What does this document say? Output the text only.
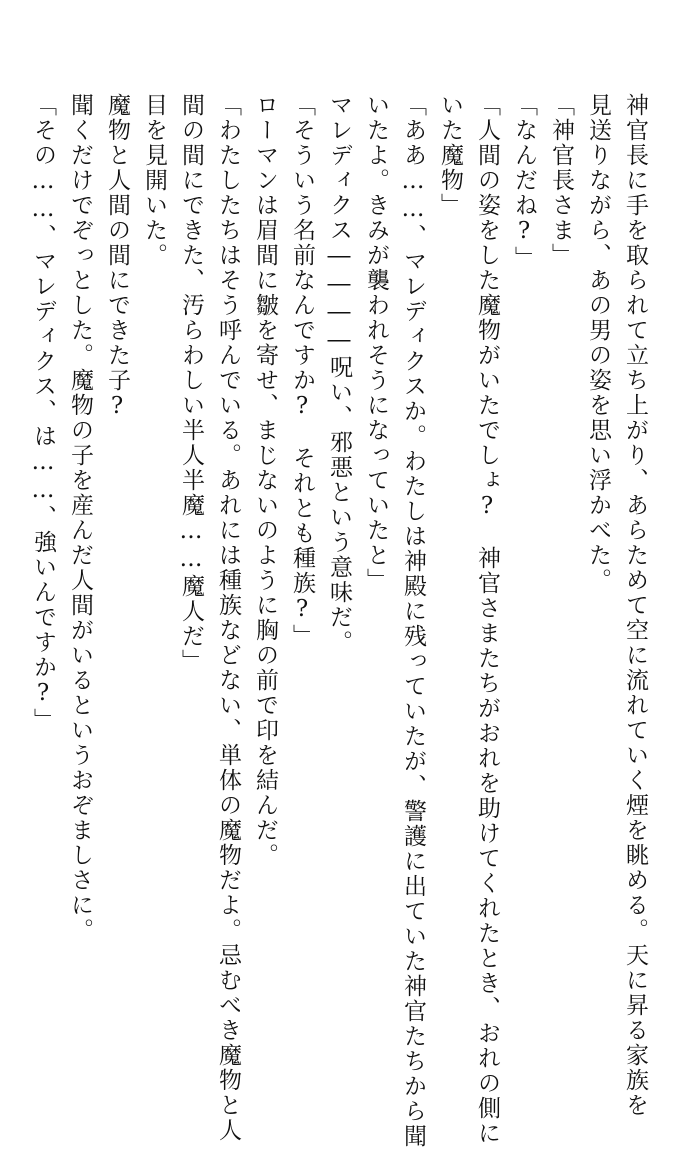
神官長に手を取られて立ち上がり、あらためて空に流れていく煙を眺める。天に昇る家族を
見送りながら、あの男の姿を思い浮かべた。
「神官長さま」
「なんだね?」
「人間の姿をした魔物がいたでしょ?　神官さまたちがおれを助けてくれたとき、おれの側に
いた魔物」
「ああ……、マレディクスか。わたしは神殿に残っていたが、警護に出ていた神官たちから聞
いたよ。きみが襲われそうになっていたと」
マレディクス――――呪い、邪悪という意味だ。
「そういう名前なんですか?　それとも種族?」
ローマンは眉間に皺を寄せ、まじないのように胸の前で印を結んだ。
「わたしたちはそう呼んでいる。あれには種族などない、単体の魔物だよ。忌むべき魔物と人
間の間にできた、汚らわしい半人半魔……魔人だ」
目を見開いた。
魔物と人間の間にできた子?
聞くだけでぞっとした。魔物の子を産んだ人間がいるというおぞましさに。
「その……、マレディクス、は……、強いんですか?」
